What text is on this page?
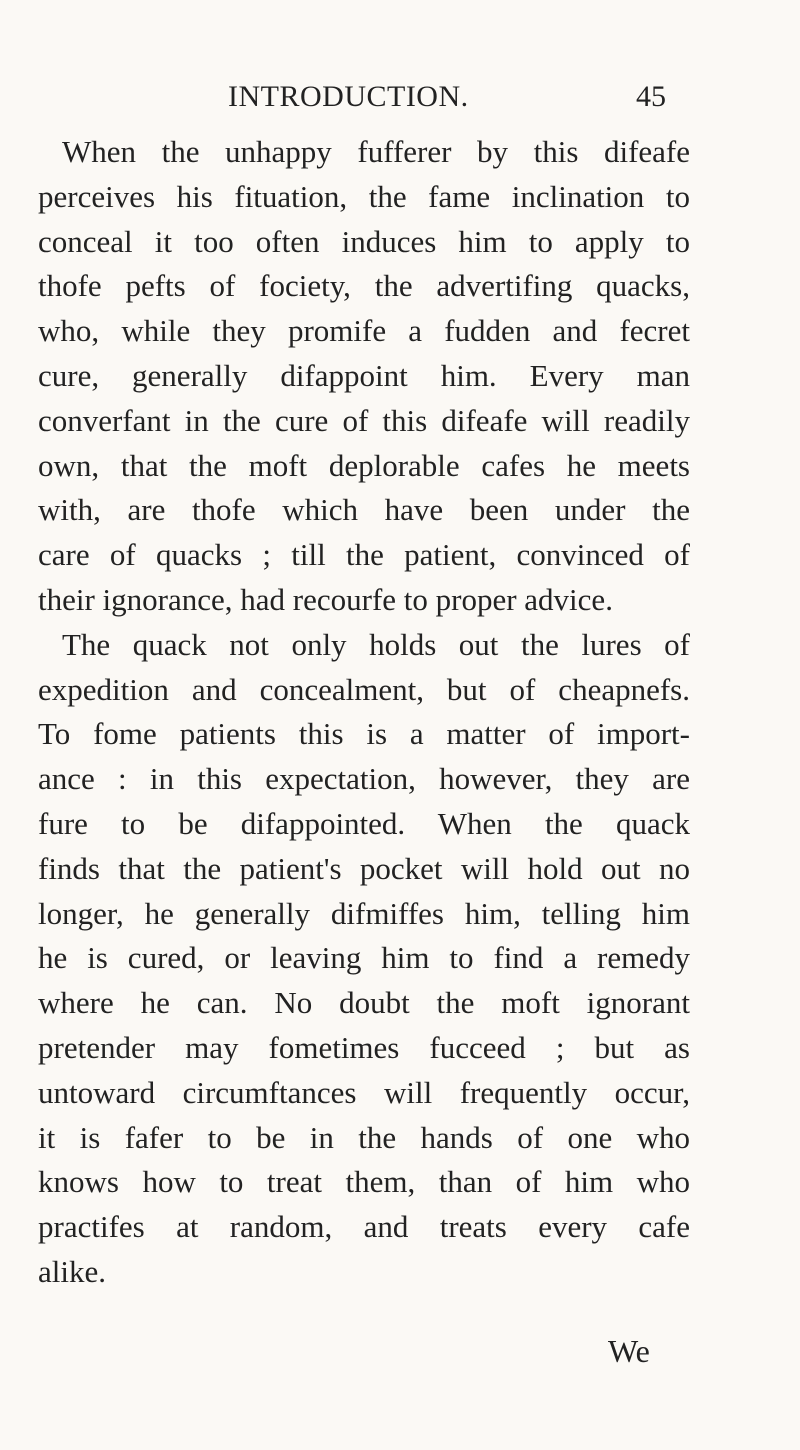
INTRODUCTION.	45
When the unhappy fufferer by this difeafe
perceives his fituation, the fame inclination to
conceal it too often induces him to apply to
thofe pefts of fociety, the advertifing quacks,
who, while they promife a fudden and fecret
cure, generally difappoint him. Every man
converfant in the cure of this difeafe will readily
own, that the moft deplorable cafes he meets
with, are thofe which have been under the
care of quacks ; till the patient, convinced of
their ignorance, had recourfe to proper advice.
The quack not only holds out the lures of
expedition and concealment, but of cheapnefs.
To fome patients this is a matter of import-
ance : in this expectation, however, they are
fure to be difappointed. When the quack
finds that the patient's pocket will hold out no
longer, he generally difmiffes him, telling him
he is cured, or leaving him to find a remedy
where he can. No doubt the moft ignorant
pretender may fometimes fucceed ; but as
untoward circumftances will frequently occur,
it is fafer to be in the hands of one who
knows how to treat them, than of him who
practifes at random, and treats every cafe
alike.
We
